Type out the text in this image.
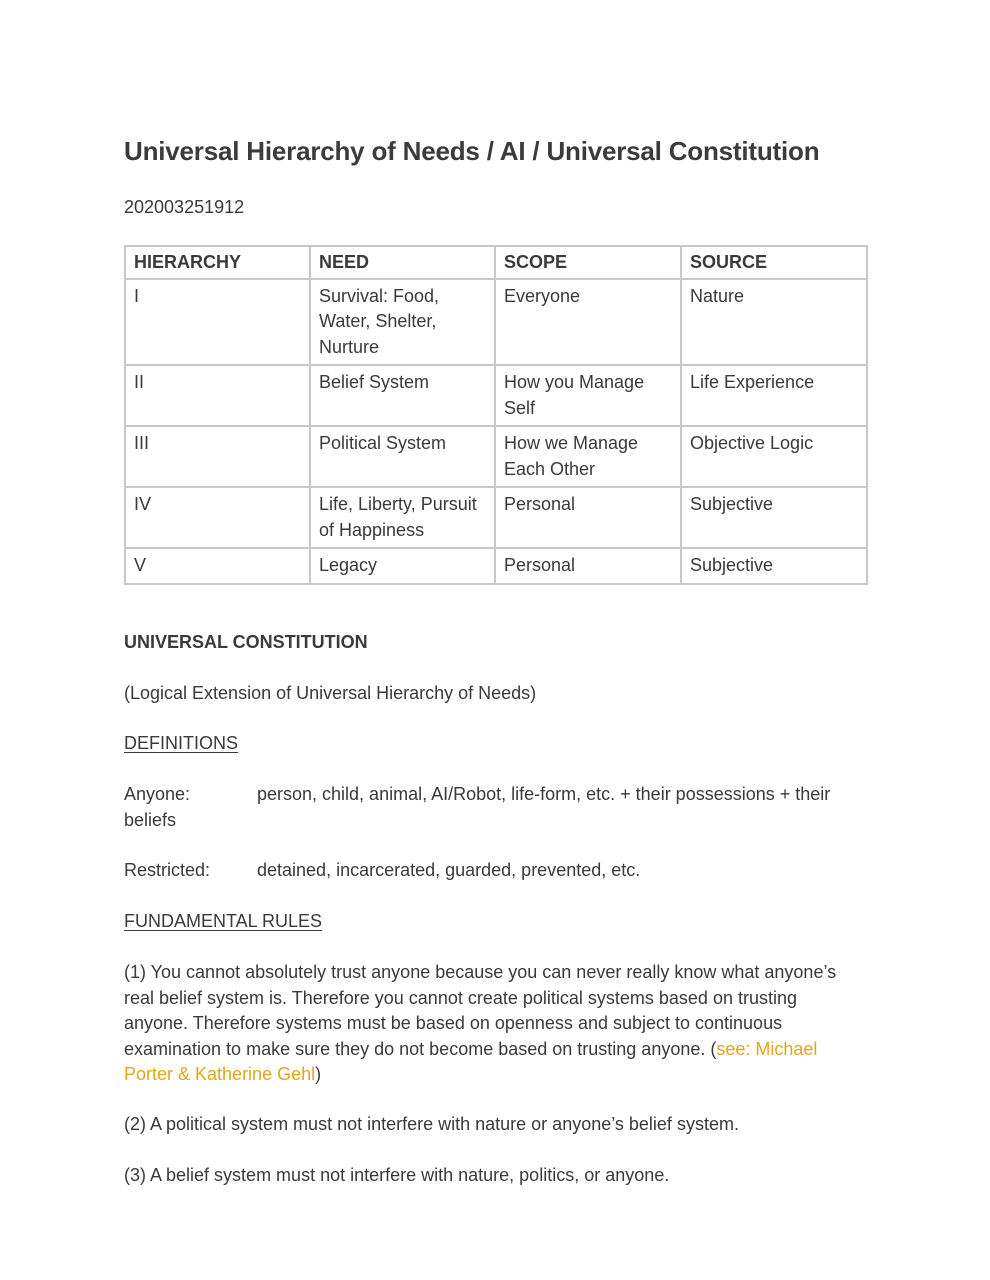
Universal Hierarchy of Needs / AI / Universal Constitution
202003251912
HIERARCHY	NEED	SCOPE	SOURCE
I	Survival: Food, Water, Shelter, Nurture	Everyone	Nature
II	Belief System	How you Manage Self	Life Experience
III	Political System	How we Manage Each Other	Objective Logic
IV	Life, Liberty, Pursuit of Happiness	Personal	Subjective
V	Legacy	Personal	Subjective
UNIVERSAL CONSTITUTION
(Logical Extension of Universal Hierarchy of Needs)
DEFINITIONS
Anyone:	person, child, animal, AI/Robot, life-form, etc. + their possessions + their beliefs
Restricted:	detained, incarcerated, guarded, prevented, etc.
FUNDAMENTAL RULES
(1) You cannot absolutely trust anyone because you can never really know what anyone’s real belief system is. Therefore you cannot create political systems based on trusting anyone. Therefore systems must be based on openness and subject to continuous examination to make sure they do not become based on trusting anyone. (see: Michael Porter & Katherine Gehl)
(2) A political system must not interfere with nature or anyone’s belief system.
(3) A belief system must not interfere with nature, politics, or anyone.
